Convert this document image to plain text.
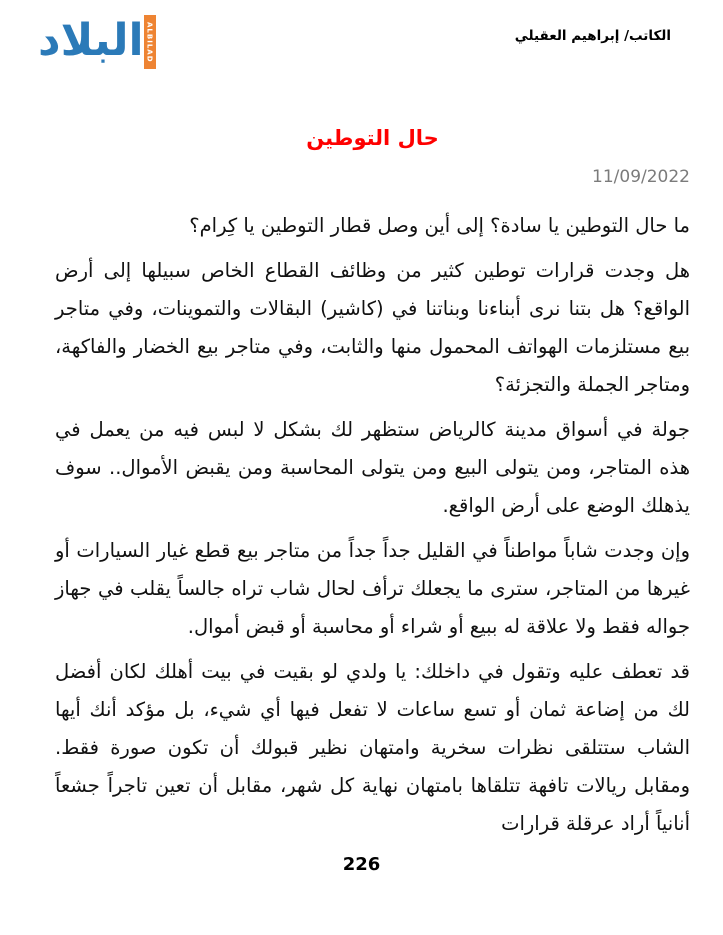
البلاد ALBILAD	الكاتب/ إبراهيم العقيلي
حال التوطين
11/09/2022

ما حال التوطين يا سادة؟ إلى أين وصل قطار التوطين يا كِرام؟

هل وجدت قرارات توطين كثير من وظائف القطاع الخاص سبيلها إلى أرض الواقع؟ هل بتنا نرى أبناءنا وبناتنا في (كاشير) البقالات والتموينات، وفي متاجر بيع مستلزمات الهواتف المحمول منها والثابت، وفي متاجر بيع الخضار والفاكهة، ومتاجر الجملة والتجزئة؟

جولة في أسواق مدينة كالرياض ستظهر لك بشكل لا لبس فيه من يعمل في هذه المتاجر، ومن يتولى البيع ومن يتولى المحاسبة ومن يقبض الأموال.. سوف يذهلك الوضع على أرض الواقع.

وإن وجدت شاباً مواطناً في القليل جداً جداً من متاجر بيع قطع غيار السيارات أو غيرها من المتاجر، سترى ما يجعلك ترأف لحال شاب تراه جالساً يقلب في جهاز جواله فقط ولا علاقة له ببيع أو شراء أو محاسبة أو قبض أموال.

قد تعطف عليه وتقول في داخلك: يا ولدي لو بقيت في بيت أهلك لكان أفضل لك من إضاعة ثمان أو تسع ساعات لا تفعل فيها أي شيء، بل مؤكد أنك أيها الشاب ستتلقى نظرات سخرية وامتهان نظير قبولك أن تكون صورة فقط. ومقابل ريالات تافهة تتلقاها بامتهان نهاية كل شهر، مقابل أن تعين تاجراً جشعاً أنانياً أراد عرقلة قرارات

226
